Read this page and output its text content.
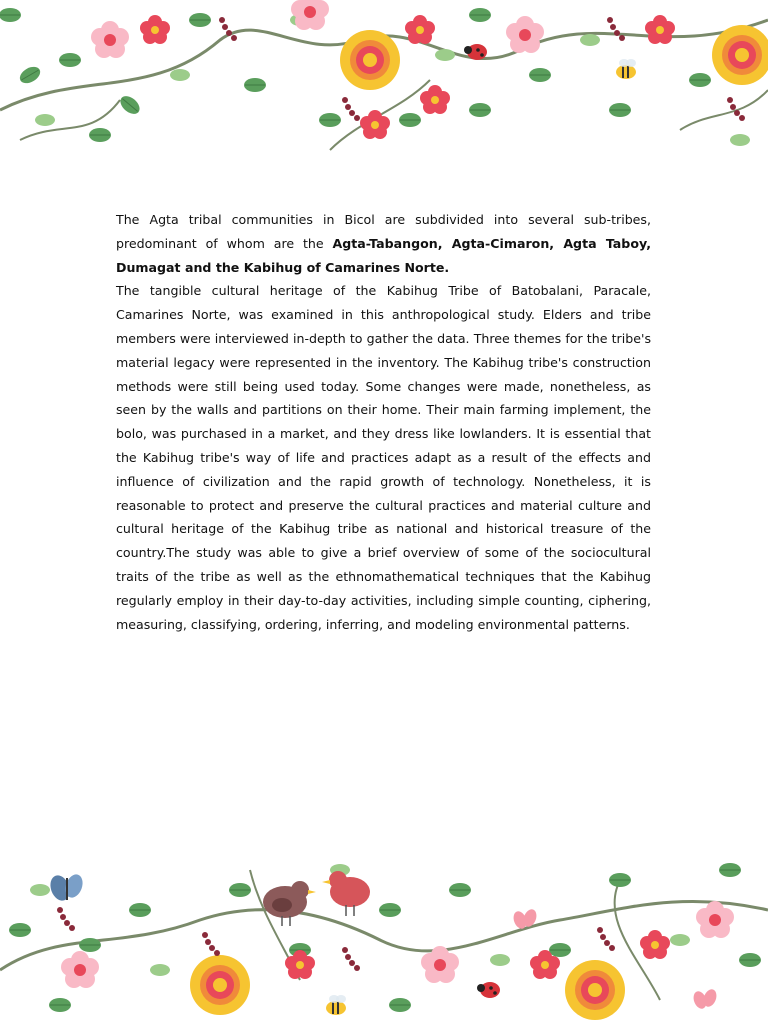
The Agta tribal communities in Bicol are subdivided into several sub-tribes, predominant of whom are the Agta-Tabangon, Agta-Cimaron, Agta Taboy, Dumagat and the Kabihug of Camarines Norte.

The tangible cultural heritage of the Kabihug Tribe of Batobalani, Paracale, Camarines Norte, was examined in this anthropological study. Elders and tribe members were interviewed in-depth to gather the data. Three themes for the tribe's material legacy were represented in the inventory. The Kabihug tribe's construction methods were still being used today. Some changes were made, nonetheless, as seen by the walls and partitions on their home. Their main farming implement, the bolo, was purchased in a market, and they dress like lowlanders. It is essential that the Kabihug tribe's way of life and practices adapt as a result of the effects and influence of civilization and the rapid growth of technology. Nonetheless, it is reasonable to protect and preserve the cultural practices and material culture and cultural heritage of the Kabihug tribe as national and historical treasure of the country.The study was able to give a brief overview of some of the sociocultural traits of the tribe as well as the ethnomathematical techniques that the Kabihug regularly employ in their day-to-day activities, including simple counting, ciphering, measuring, classifying, ordering, inferring, and modeling environmental patterns.
